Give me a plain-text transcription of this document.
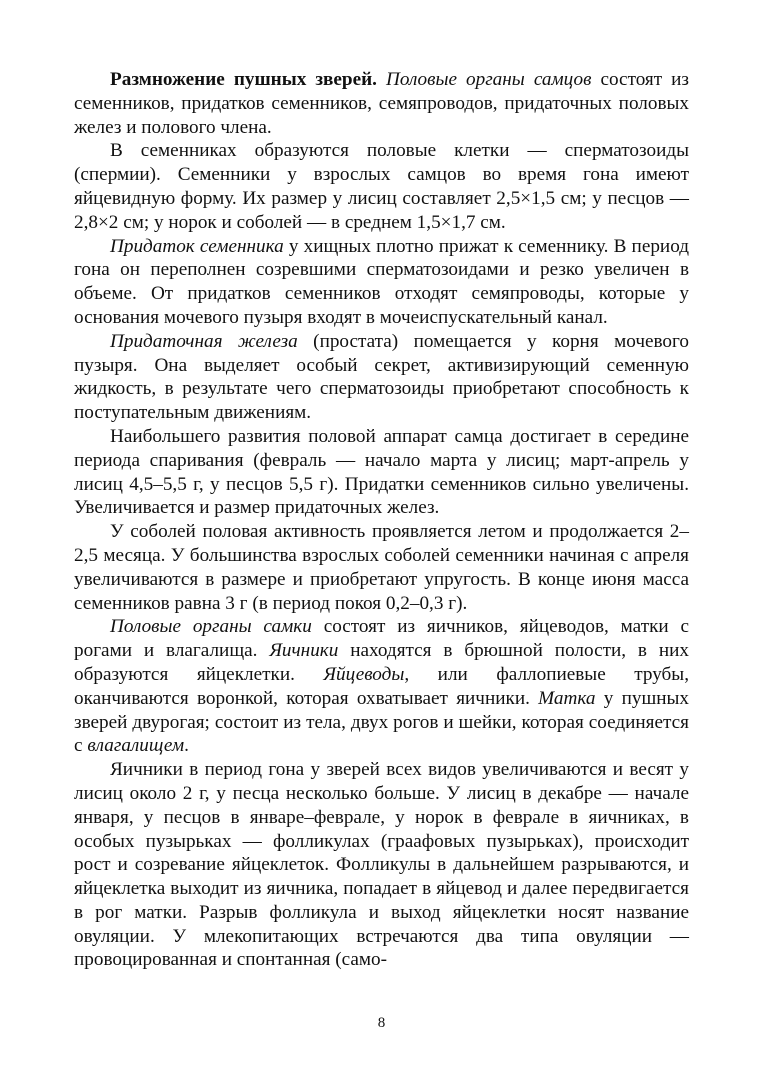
Размножение пушных зверей. Половые органы самцов состоят из семенников, придатков семенников, семяпроводов, придаточных половых желез и полового члена.

В семенниках образуются половые клетки — сперматозоиды (спермии). Семенники у взрослых самцов во время гона имеют яйцевидную форму. Их размер у лисиц составляет 2,5×1,5 см; у песцов — 2,8×2 см; у норок и соболей — в среднем 1,5×1,7 см.

Придаток семенника у хищных плотно прижат к семеннику. В период гона он переполнен созревшими сперматозоидами и резко увеличен в объеме. От придатков семенников отходят семяпроводы, которые у основания мочевого пузыря входят в мочеиспускательный канал.

Придаточная железа (простата) помещается у корня мочевого пузыря. Она выделяет особый секрет, активизирующий семенную жидкость, в результате чего сперматозоиды приобретают способность к поступательным движениям.

Наибольшего развития половой аппарат самца достигает в середине периода спаривания (февраль — начало марта у лисиц; март-апрель у лисиц 4,5–5,5 г, у песцов 5,5 г). Придатки семенников сильно увеличены. Увеличивается и размер придаточных желез.

У соболей половая активность проявляется летом и продолжается 2–2,5 месяца. У большинства взрослых соболей семенники начиная с апреля увеличиваются в размере и приобретают упругость. В конце июня масса семенников равна 3 г (в период покоя 0,2–0,3 г).

Половые органы самки состоят из яичников, яйцеводов, матки с рогами и влагалища. Яичники находятся в брюшной полости, в них образуются яйцеклетки. Яйцеводы, или фаллопиевые трубы, оканчиваются воронкой, которая охватывает яичники. Матка у пушных зверей двурогая; состоит из тела, двух рогов и шейки, которая соединяется с влагалищем.

Яичники в период гона у зверей всех видов увеличиваются и весят у лисиц около 2 г, у песца несколько больше. У лисиц в декабре — начале января, у песцов в январе–феврале, у норок в феврале в яичниках, в особых пузырьках — фолликулах (граафовых пузырьках), происходит рост и созревание яйцеклеток. Фолликулы в дальнейшем разрываются, и яйцеклетка выходит из яичника, попадает в яйцевод и далее передвигается в рог матки. Разрыв фолликула и выход яйцеклетки носят название овуляции. У млекопитающих встречаются два типа овуляции — провоцированная и спонтанная (само-

8
